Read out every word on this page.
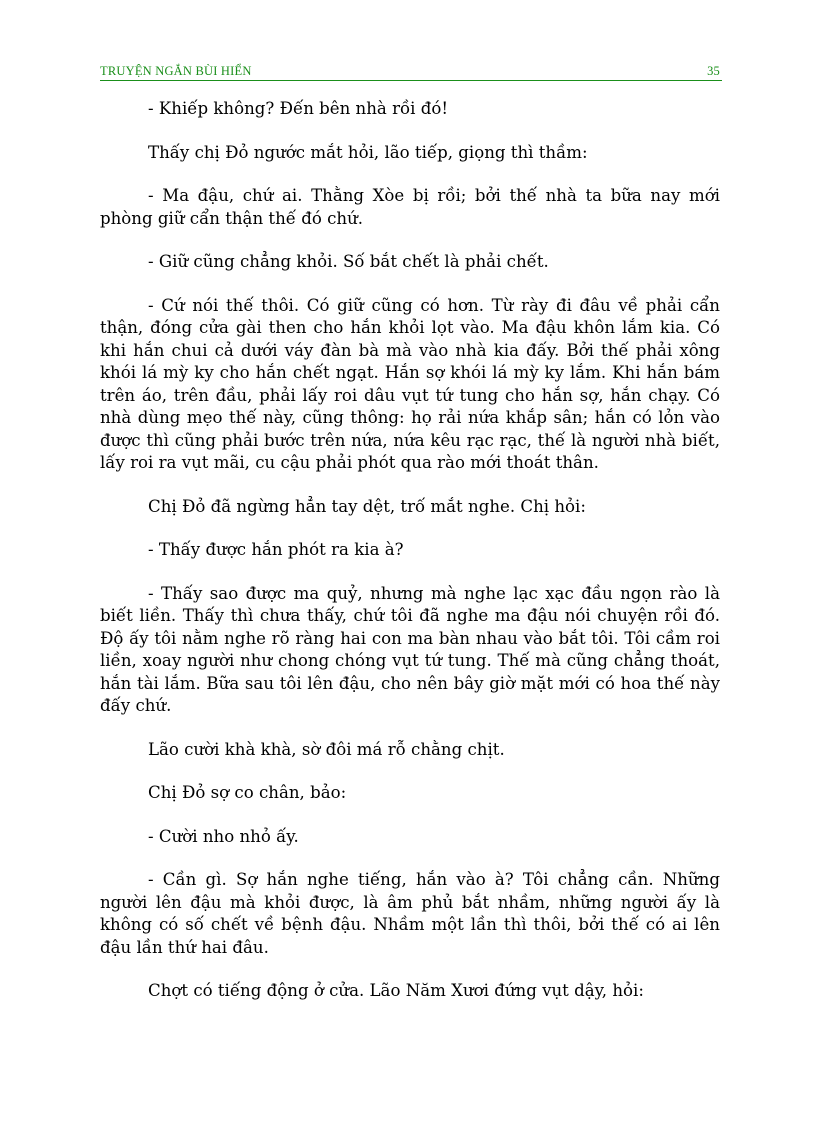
TRUYỆN NGẮN BÙI HIỂN	35

- Khiếp không? Đến bên nhà rồi đó!

Thấy chị Đỏ ngước mắt hỏi, lão tiếp, giọng thì thầm:

- Ma đậu, chứ ai. Thằng Xòe bị rồi; bởi thế nhà ta bữa nay mới phòng giữ cẩn thận thế đó chứ.

- Giữ cũng chẳng khỏi. Số bắt chết là phải chết.

- Cứ nói thế thôi. Có giữ cũng có hơn. Từ rày đi đâu về phải cẩn thận, đóng cửa gài then cho hắn khỏi lọt vào. Ma đậu khôn lắm kia. Có khi hắn chui cả dưới váy đàn bà mà vào nhà kia đấy. Bởi thế phải xông khói lá mỳ ky cho hắn chết ngạt. Hắn sợ khói lá mỳ ky lắm. Khi hắn bám trên áo, trên đầu, phải lấy roi dâu vụt tứ tung cho hắn sợ, hắn chạy. Có nhà dùng mẹo thế này, cũng thông: họ rải nứa khắp sân; hắn có lỏn vào được thì cũng phải bước trên nứa, nứa kêu rạc rạc, thế là người nhà biết, lấy roi ra vụt mãi, cu cậu phải phót qua rào mới thoát thân.

Chị Đỏ đã ngừng hẳn tay dệt, trố mắt nghe. Chị hỏi:

- Thấy được hắn phót ra kia à?

- Thấy sao được ma quỷ, nhưng mà nghe lạc xạc đầu ngọn rào là biết liền. Thấy thì chưa thấy, chứ tôi đã nghe ma đậu nói chuyện rồi đó. Độ ấy tôi nằm nghe rõ ràng hai con ma bàn nhau vào bắt tôi. Tôi cầm roi liền, xoay người như chong chóng vụt tứ tung. Thế mà cũng chẳng thoát, hắn tài lắm. Bữa sau tôi lên đậu, cho nên bây giờ mặt mới có hoa thế này đấy chứ.

Lão cười khà khà, sờ đôi má rỗ chằng chịt.

Chị Đỏ sợ co chân, bảo:

- Cười nho nhỏ ấy.

- Cần gì. Sợ hắn nghe tiếng, hắn vào à? Tôi chẳng cần. Những người lên đậu mà khỏi được, là âm phủ bắt nhầm, những người ấy là không có số chết về bệnh đậu. Nhầm một lần thì thôi, bởi thế có ai lên đậu lần thứ hai đâu.

Chợt có tiếng động ở cửa. Lão Năm Xươi đứng vụt dậy, hỏi:
